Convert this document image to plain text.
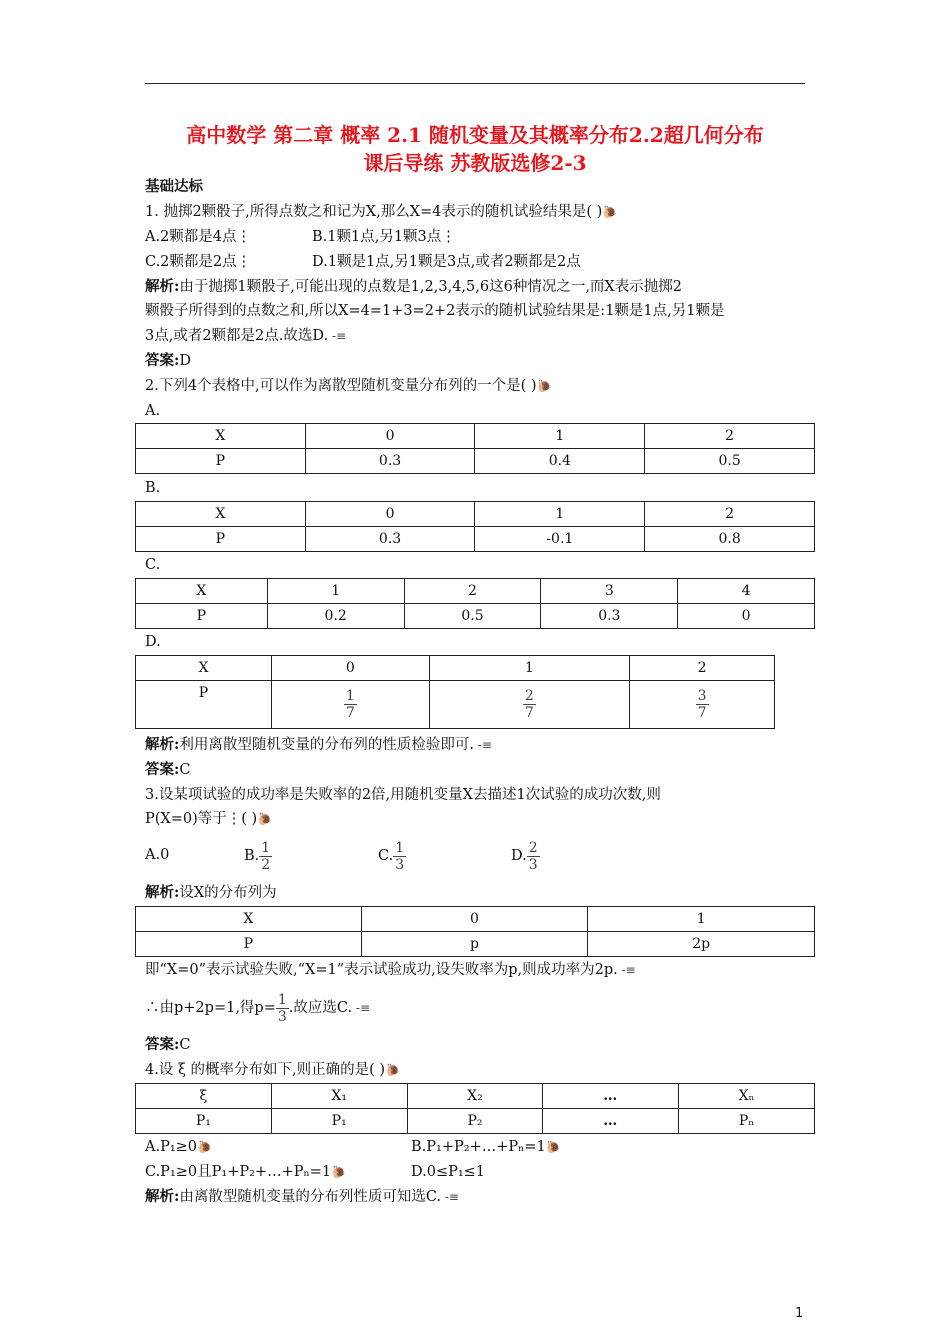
高中数学 第二章 概率 2.1 随机变量及其概率分布2.2超几何分布
课后导练 苏教版选修2-3
基础达标
1. 抛掷2颗骰子,所得点数之和记为X,那么X=4表示的随机试验结果是( )🐌
A.2颗都是4点⋮	B.1颗1点,另1颗3点⋮
C.2颗都是2点⋮	D.1颗是1点,另1颗是3点,或者2颗都是2点
解析:由于抛掷1颗骰子,可能出现的点数是1,2,3,4,5,6这6种情况之一,而X表示抛掷2
颗骰子所得到的点数之和,所以X=4=1+3=2+2表示的随机试验结果是:1颗是1点,另1颗是
3点,或者2颗都是2点.故选D. -≡
答案:D
2.下列4个表格中,可以作为离散型随机变量分布列的一个是( )🐌
A.
X	0	1	2
P	0.3	0.4	0.5
B.
X	0	1	2
P	0.3	-0.1	0.8
C.
X	1	2	3	4
P	0.2	0.5	0.3	0
D.
X	0	1	2
P	$\frac{1}{7}$	$\frac{2}{7}$	$\frac{3}{7}$
解析:利用离散型随机变量的分布列的性质检验即可. -≡
答案:C
3.设某项试验的成功率是失败率的2倍,用随机变量X去描述1次试验的成功次数,则
P(X=0)等于⋮( )🐌
A.0	B. $\frac{1}{2}$	C. $\frac{1}{3}$	D. $\frac{2}{3}$
解析:设X的分布列为
X	0	1
P	p	2p
即“X=0”表示试验失败,“X=1”表示试验成功,设失败率为p,则成功率为2p. -≡
∴由p+2p=1,得$p= \frac{1}{3}$ .故应选C. -≡
答案:C
4.设 ξ 的概率分布如下,则正确的是( )🐌
ξ	X₁	X₂	…	Xₙ
P₁	P₁	P₂	…	Pₙ
A.P₁≥0🐌	B.P₁+P₂+…+Pₙ=1🐌
C.P₁≥0且P₁+P₂+…+Pₙ=1🐌	D.0≤P₁≤1
解析:由离散型随机变量的分布列性质可知选C. -≡
1
